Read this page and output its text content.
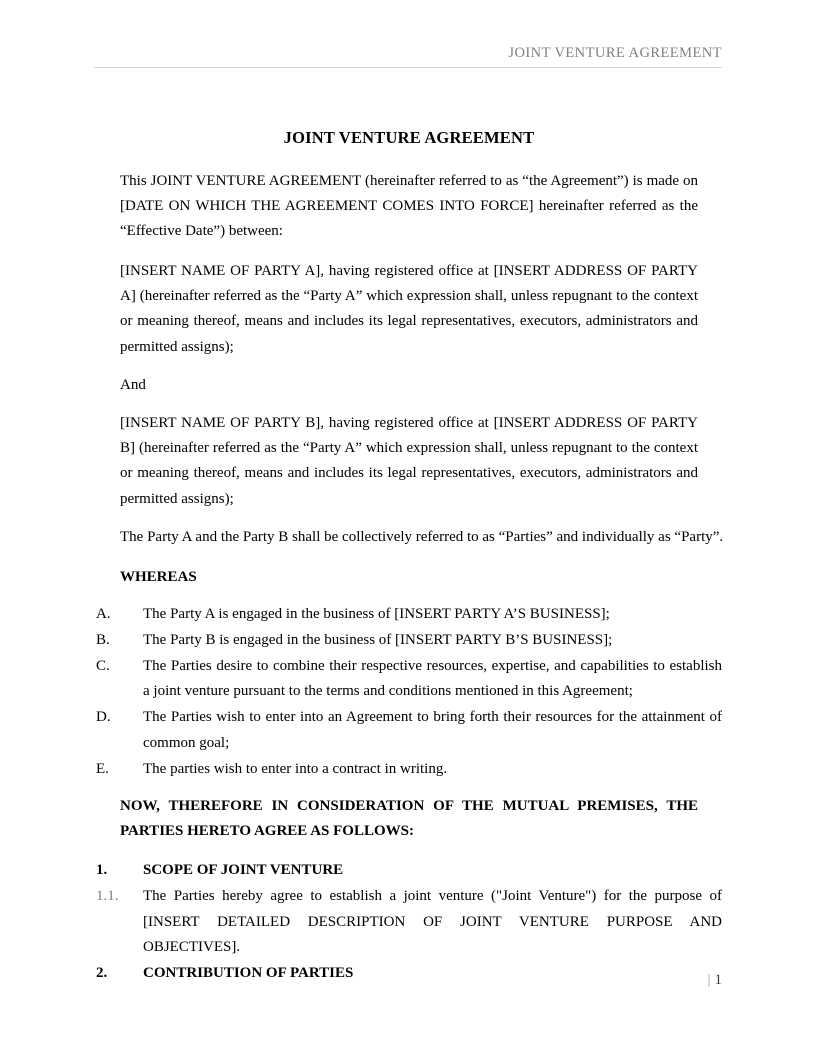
JOINT VENTURE AGREEMENT
JOINT VENTURE AGREEMENT
This JOINT VENTURE AGREEMENT (hereinafter referred to as “the Agreement”) is made on [DATE ON WHICH THE AGREEMENT COMES INTO FORCE] hereinafter referred as the “Effective Date”) between:
[INSERT NAME OF PARTY A], having registered office at [INSERT ADDRESS OF PARTY A] (hereinafter referred as the “Party A” which expression shall, unless repugnant to the context or meaning thereof, means and includes its legal representatives, executors, administrators and permitted assigns);
And
[INSERT NAME OF PARTY B], having registered office at [INSERT ADDRESS OF PARTY B] (hereinafter referred as the “Party A” which expression shall, unless repugnant to the context or meaning thereof, means and includes its legal representatives, executors, administrators and permitted assigns);
The Party A and the Party B shall be collectively referred to as “Parties” and individually as “Party”.
WHEREAS
A.	The Party A is engaged in the business of [INSERT PARTY A’S BUSINESS];
B.	The Party B is engaged in the business of [INSERT PARTY B’S BUSINESS];
C.	The Parties desire to combine their respective resources, expertise, and capabilities to establish a joint venture pursuant to the terms and conditions mentioned in this Agreement;
D.	The Parties wish to enter into an Agreement to bring forth their resources for the attainment of common goal;
E.	The parties wish to enter into a contract in writing.
NOW, THEREFORE IN CONSIDERATION OF THE MUTUAL PREMISES, THE PARTIES HERETO AGREE AS FOLLOWS:
1.	SCOPE OF JOINT VENTURE
1.1.	The Parties hereby agree to establish a joint venture ("Joint Venture") for the purpose of [INSERT DETAILED DESCRIPTION OF JOINT VENTURE PURPOSE AND OBJECTIVES].
2.	CONTRIBUTION OF PARTIES	| 1
